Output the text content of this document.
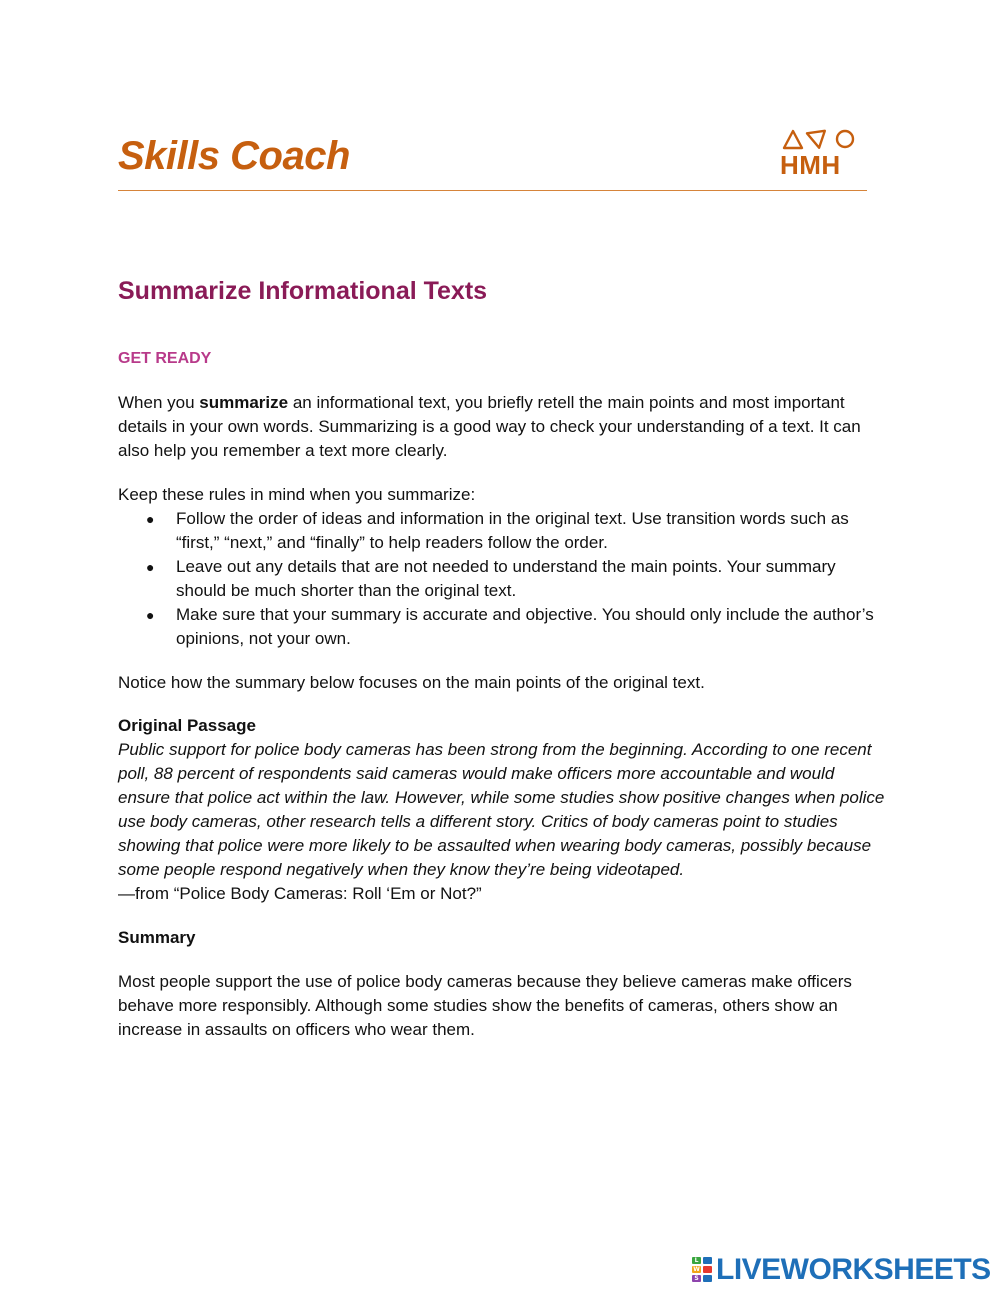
Skills Coach	HMH
Summarize Informational Texts
GET READY

When you summarize an informational text, you briefly retell the main points and most important details in your own words. Summarizing is a good way to check your understanding of a text. It can also help you remember a text more clearly.

Keep these rules in mind when you summarize:

● Follow the order of ideas and information in the original text. Use transition words such as “first,” “next,” and “finally” to help readers follow the order.
● Leave out any details that are not needed to understand the main points. Your summary should be much shorter than the original text.
● Make sure that your summary is accurate and objective. You should only include the author’s opinions, not your own.

Notice how the summary below focuses on the main points of the original text.

Original Passage

Public support for police body cameras has been strong from the beginning. According to one recent poll, 88 percent of respondents said cameras would make officers more accountable and would ensure that police act within the law. However, while some studies show positive changes when police use body cameras, other research tells a different story. Critics of body cameras point to studies showing that police were more likely to be assaulted when wearing body cameras, possibly because some people respond negatively when they know they’re being videotaped.

—from “Police Body Cameras: Roll ‘Em or Not?”

Summary

Most people support the use of police body cameras because they believe cameras make officers behave more responsibly. Although some studies show the benefits of cameras, others show an increase in assaults on officers who wear them.

L
W
S LIVEWORKSHEETS
